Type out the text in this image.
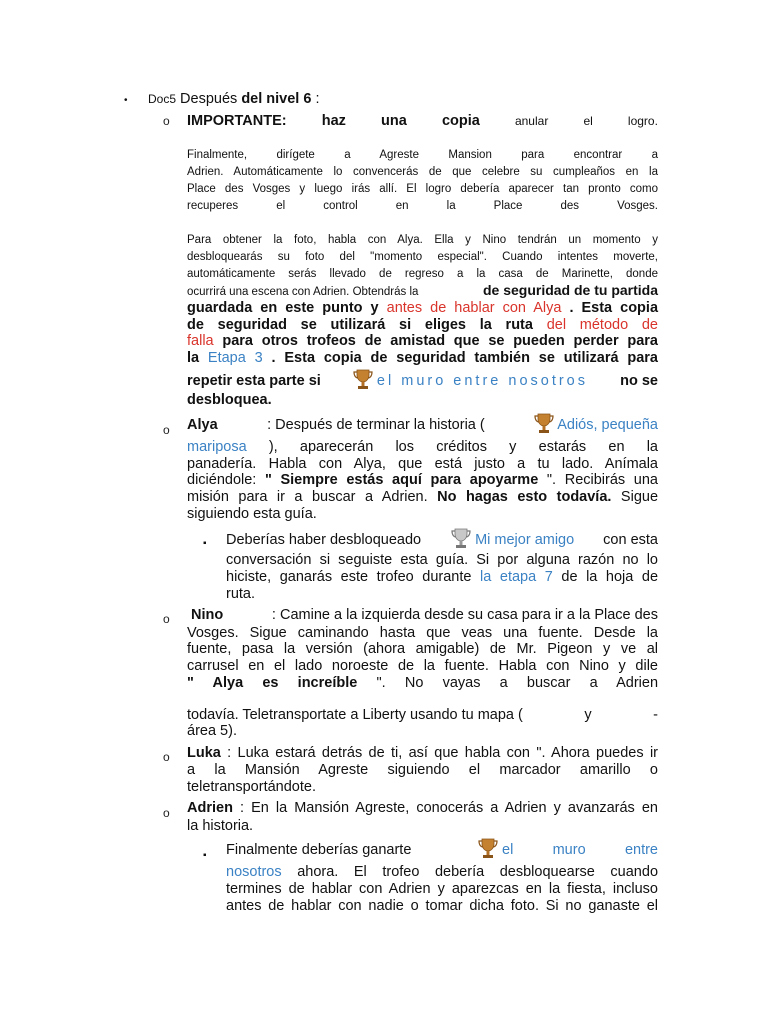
• Doc5 Después del nivel 6 :
o IMPORTANTE: haz una copia	anular	el	logro.
Finalmente, dirígete a Agreste Mansion para encontrar a
Adrien. Automáticamente lo convencerás de que celebre su cumpleaños en la
Place des Vosges y luego irás allí. El logro debería aparecer tan pronto como
recuperes el control en la Place des Vosges.
Para obtener la foto, habla con Alya. Ella y Nino tendrán un momento y
desbloquearás su foto del "momento especial". Cuando intentes moverte,
automáticamente serás llevado de regreso a la casa de Marinette, donde
ocurrirá una escena con Adrien. Obtendrás la	de seguridad de tu partida
guardada en este punto y antes de hablar con Alya . Esta copia
de seguridad se utilizará si eliges la ruta del método de
falla para otros trofeos de amistad que se pueden perder para
la Etapa 3 . Esta copia de seguridad también se utilizará para
repetir esta parte si	el muro entre nosotros no se
desbloquea.
o Alya	: Después de terminar la historia (	Adiós, pequeña
mariposa ), aparecerán los créditos y estarás en la
panadería. Habla con Alya, que está justo a tu lado. Anímala
diciéndole: " Siempre estás aquí para apoyarme ". Recibirás una
misión para ir a buscar a Adrien. No hagas esto todavía. Sigue
siguiendo esta guía.
▪ Deberías haber desbloqueado	Mi mejor amigo con esta
conversación si seguiste esta guía. Si por alguna razón no lo
hiciste, ganarás este trofeo durante la etapa 7 de la hoja de
ruta.
o Nino	: Camine a la izquierda desde su casa para ir a la Place des
Vosges. Sigue caminando hasta que veas una fuente. Desde la
fuente, pasa la versión (ahora amigable) de Mr. Pigeon y ve al
carrusel en el lado noroeste de la fuente. Habla con Nino y dile
" Alya es increíble ". No vayas a buscar a Adrien
todavía. Teletransportate a Liberty usando tu mapa (	y	-
área 5).
o Luka : Luka estará detrás de ti, así que habla con ". Ahora puedes ir
a la Mansión Agreste siguiendo el marcador amarillo o
teletransportándote.
o Adrien : En la Mansión Agreste, conocerás a Adrien y avanzarás en
la historia.
▪ Finalmente deberías ganarte	el muro entre
nosotros ahora. El trofeo debería desbloquearse cuando
termines de hablar con Adrien y aparezcas en la fiesta, incluso
antes de hablar con nadie o tomar dicha foto. Si no ganaste el
